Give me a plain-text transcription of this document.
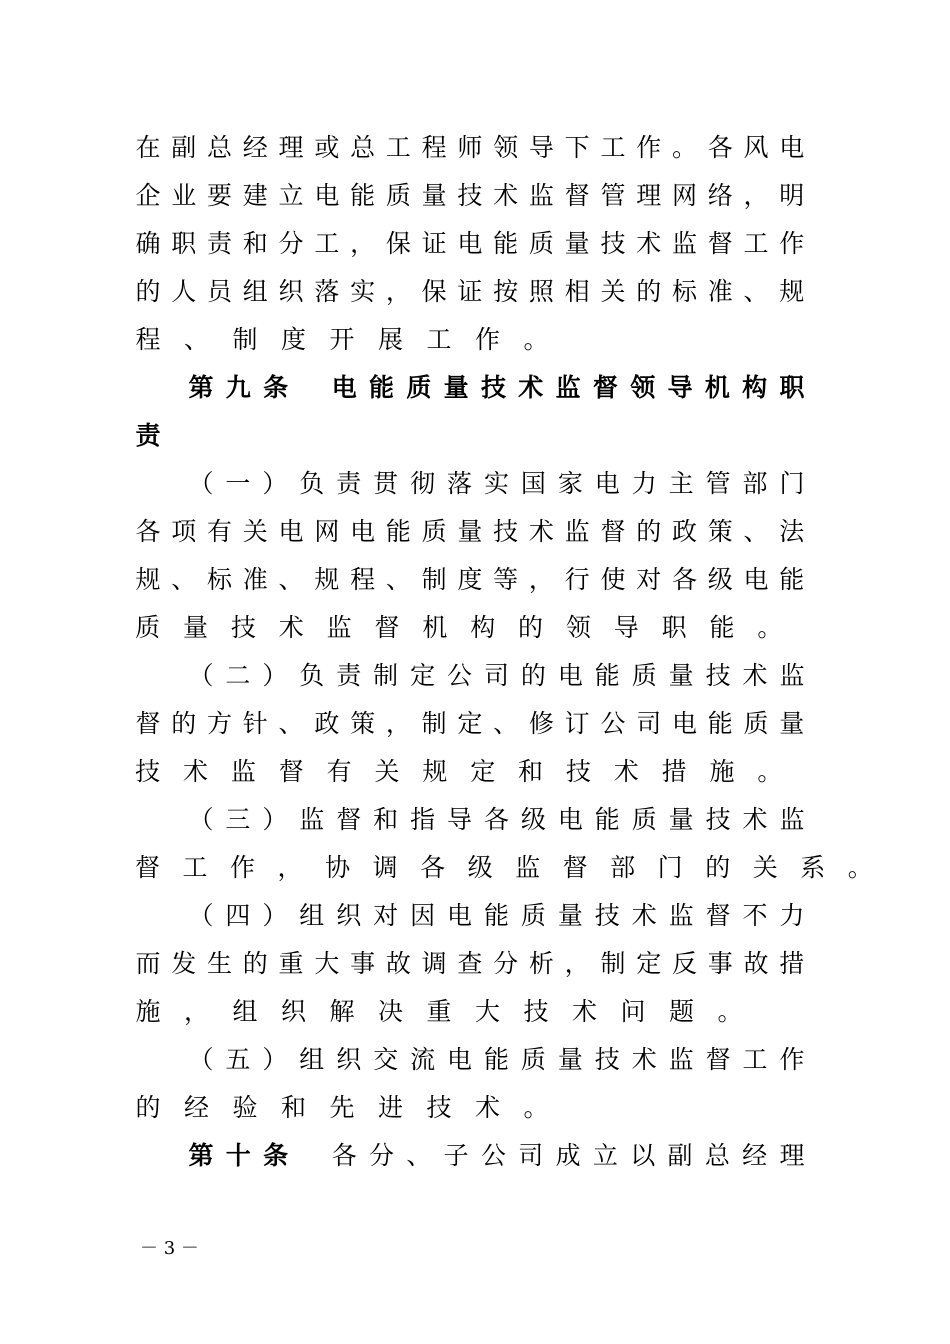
在 副 总 经 理 或 总 工 程 师 领 导 下 工 作 。 各 风 电
企 业 要 建 立 电 能 质 量 技 术 监 督 管 理 网 络 ， 明
确 职 责 和 分 工 ， 保 证 电 能 质 量 技 术 监 督 工 作
的 人 员 组 织 落 实 ， 保 证 按 照 相 关 的 标 准 、 规
程 、 制 度 开 展 工 作 。
第 九 条 电 能 质 量 技 术 监 督 领 导 机 构 职
责
（ 一 ） 负 责 贯 彻 落 实 国 家 电 力 主 管 部 门
各 项 有 关 电 网 电 能 质 量 技 术 监 督 的 政 策 、 法
规 、 标 准 、 规 程 、 制 度 等 ， 行 使 对 各 级 电 能
质 量 技 术 监 督 机 构 的 领 导 职 能 。
（ 二 ） 负 责 制 定 公 司 的 电 能 质 量 技 术 监
督 的 方 针 、 政 策 ， 制 定 、 修 订 公 司 电 能 质 量
技 术 监 督 有 关 规 定 和 技 术 措 施 。
（ 三 ） 监 督 和 指 导 各 级 电 能 质 量 技 术 监
督 工 作 ， 协 调 各 级 监 督 部 门 的 关 系 。
（ 四 ） 组 织 对 因 电 能 质 量 技 术 监 督 不 力
而 发 生 的 重 大 事 故 调 查 分 析 ， 制 定 反 事 故 措
施 ， 组 织 解 决 重 大 技 术 问 题 。
（ 五 ） 组 织 交 流 电 能 质 量 技 术 监 督 工 作
的 经 验 和 先 进 技 术 。
第 十 条 各 分 、 子 公 司 成 立 以 副 总 经 理
－ 3 －
